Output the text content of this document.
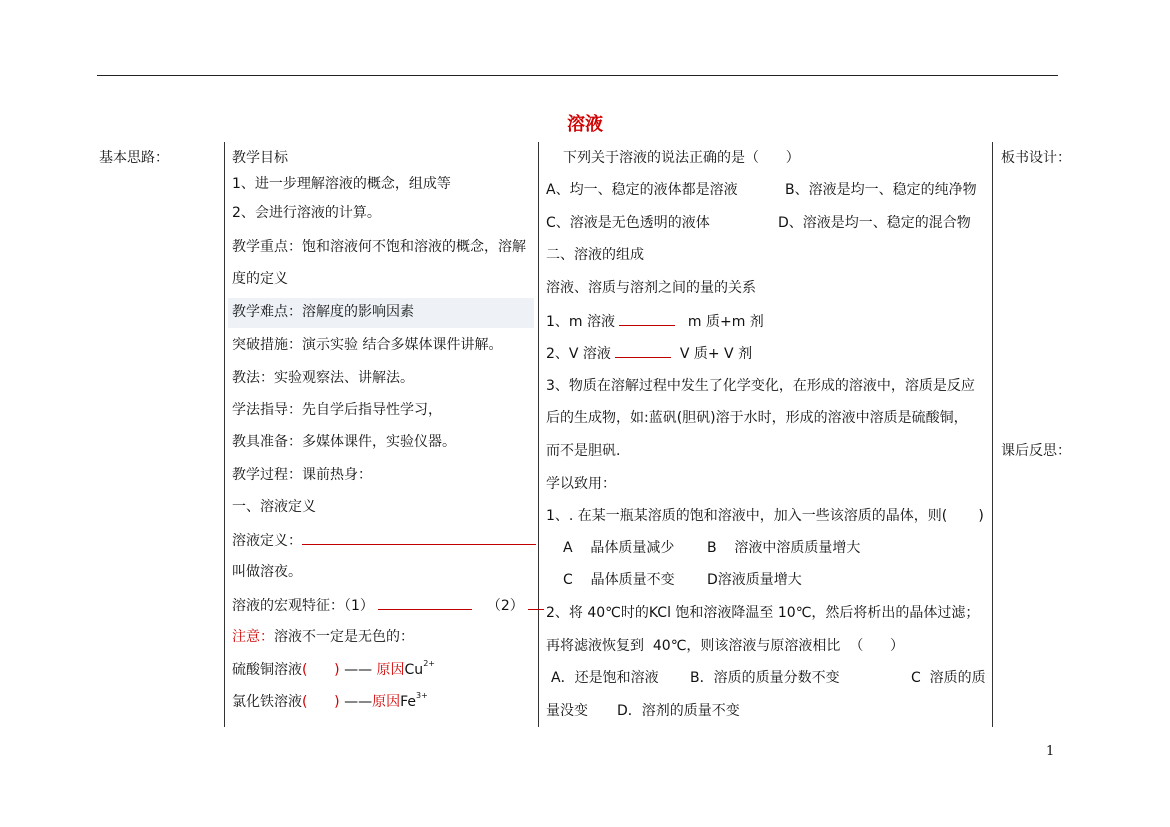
溶液
基本思路：	教学目标
1、进一步理解溶液的概念，组成等
2、会进行溶液的计算。
教学重点：饱和溶液何不饱和溶液的概念，溶解
度的定义
教学难点：溶解度的影响因素
突破措施：演示实验 结合多媒体课件讲解。
教法：实验观察法、讲解法。
学法指导：先自学后指导性学习，
教具准备：多媒体课件，实验仪器。
教学过程：课前热身：
一、溶液定义
溶液定义：
叫做溶夜。
溶液的宏观特征：（1）	（2）
注意：溶液不一定是无色的：
硫酸铜溶液(      ) —— 原因$Cu^{2+}$
氯化铁溶液(      ) ——原因$Fe^{3+}$
下列关于溶液的说法正确的是（      ）
A、均一、稳定的液体都是溶液	B、溶液是均一、稳定的纯净物
C、溶液是无色透明的液体	D、溶液是均一、稳定的混合物
二、溶液的组成
溶液、溶质与溶剂之间的量的关系
1、m 溶液	m 质+m 剂
2、V 溶液	V 质+ V 剂
3、物质在溶解过程中发生了化学变化，在形成的溶液中，溶质是反应
后的生成物，如:蓝矾(胆矾)溶于水时，形成的溶液中溶质是硫酸铜，
而不是胆矾.
学以致用：
1、. 在某一瓶某溶质的饱和溶液中，加入一些该溶质的晶体，则(       )
A    晶体质量减少 B    溶液中溶质质量增大
C    晶体质量不变 D溶液质量增大
2、将 40℃时的KCl 饱和溶液降温至 10℃，然后将析出的晶体过滤；
再将滤液恢复到  40℃，则该溶液与原溶液相比  （      ）
A．还是饱和溶液 B．溶质的质量分数不变	C  溶质的质
量没变 D．溶剂的质量不变
板书设计：
课后反思：
1
